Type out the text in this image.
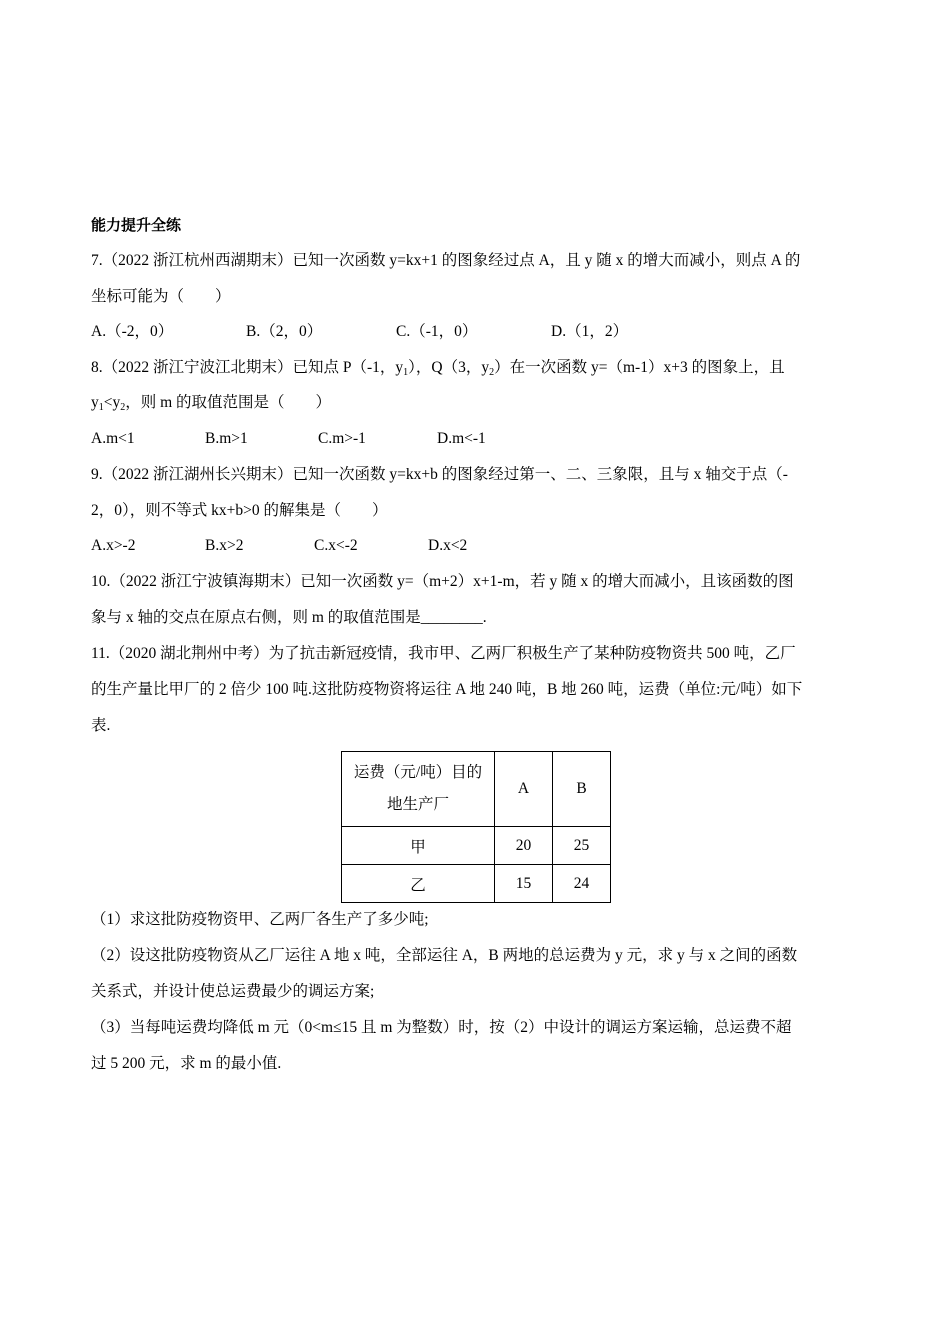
能力提升全练
7.（2022 浙江杭州西湖期末）已知一次函数 y=kx+1 的图象经过点 A，且 y 随 x 的增大而减小，则点 A 的
坐标可能为（　　）
A.（-2，0）	B.（2，0）	C.（-1，0）	D.（1，2）
8.（2022 浙江宁波江北期末）已知点 P（-1，$y_1$），Q（3，$y_2$）在一次函数 y=（m-1）x+3 的图象上，且
$y_1<y_2$，则 m 的取值范围是（　　）
A.m<1	B.m>1	C.m>-1	D.m<-1
9.（2022 浙江湖州长兴期末）已知一次函数 y=kx+b 的图象经过第一、二、三象限，且与 x 轴交于点（-
2，0），则不等式 kx+b>0 的解集是（　　）
A.x>-2	B.x>2	C.x<-2	D.x<2
10.（2022 浙江宁波镇海期末）已知一次函数 y=（m+2）x+1-m，若 y 随 x 的增大而减小，且该函数的图
象与 x 轴的交点在原点右侧，则 m 的取值范围是________.
11.（2020 湖北荆州中考）为了抗击新冠疫情，我市甲、乙两厂积极生产了某种防疫物资共 500 吨，乙厂
的生产量比甲厂的 2 倍少 100 吨.这批防疫物资将运往 A 地 240 吨，B 地 260 吨，运费（单位:元/吨）如下
表.
运费（元/吨）目的
地生产厂	A	B
甲	20	25
乙	15	24
（1）求这批防疫物资甲、乙两厂各生产了多少吨;
（2）设这批防疫物资从乙厂运往 A 地 x 吨，全部运往 A，B 两地的总运费为 y 元，求 y 与 x 之间的函数
关系式，并设计使总运费最少的调运方案;
（3）当每吨运费均降低 m 元（0<m≤15 且 m 为整数）时，按（2）中设计的调运方案运输，总运费不超
过 5 200 元，求 m 的最小值.
